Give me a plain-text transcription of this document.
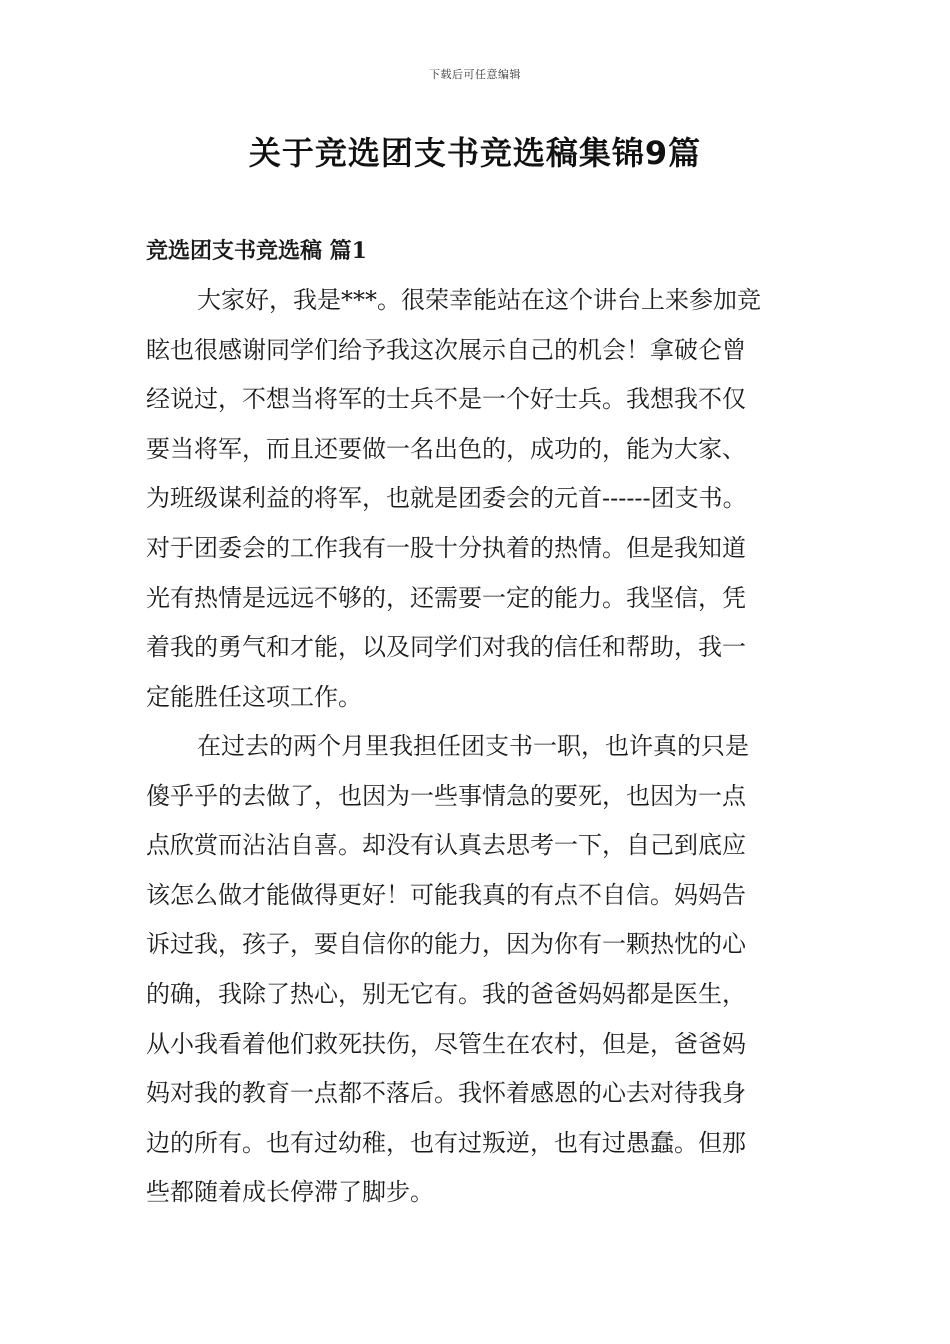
下载后可任意编辑
关于竞选团支书竞选稿集锦9篇
竞选团支书竞选稿 篇1
大家好，我是***。很荣幸能站在这个讲台上来参加竞
眩也很感谢同学们给予我这次展示自己的机会！拿破仑曾
经说过，不想当将军的士兵不是一个好士兵。我想我不仅
要当将军，而且还要做一名出色的，成功的，能为大家、
为班级谋利益的将军，也就是团委会的元首------团支书。
对于团委会的工作我有一股十分执着的热情。但是我知道
光有热情是远远不够的，还需要一定的能力。我坚信，凭
着我的勇气和才能，以及同学们对我的信任和帮助，我一
定能胜任这项工作。
在过去的两个月里我担任团支书一职，也许真的只是
傻乎乎的去做了，也因为一些事情急的要死，也因为一点
点欣赏而沾沾自喜。却没有认真去思考一下，自己到底应
该怎么做才能做得更好！可能我真的有点不自信。妈妈告
诉过我，孩子，要自信你的能力，因为你有一颗热忱的心
的确，我除了热心，别无它有。我的爸爸妈妈都是医生，
从小我看着他们救死扶伤，尽管生在农村，但是，爸爸妈
妈对我的教育一点都不落后。我怀着感恩的心去对待我身
边的所有。也有过幼稚，也有过叛逆，也有过愚蠢。但那
些都随着成长停滞了脚步。
